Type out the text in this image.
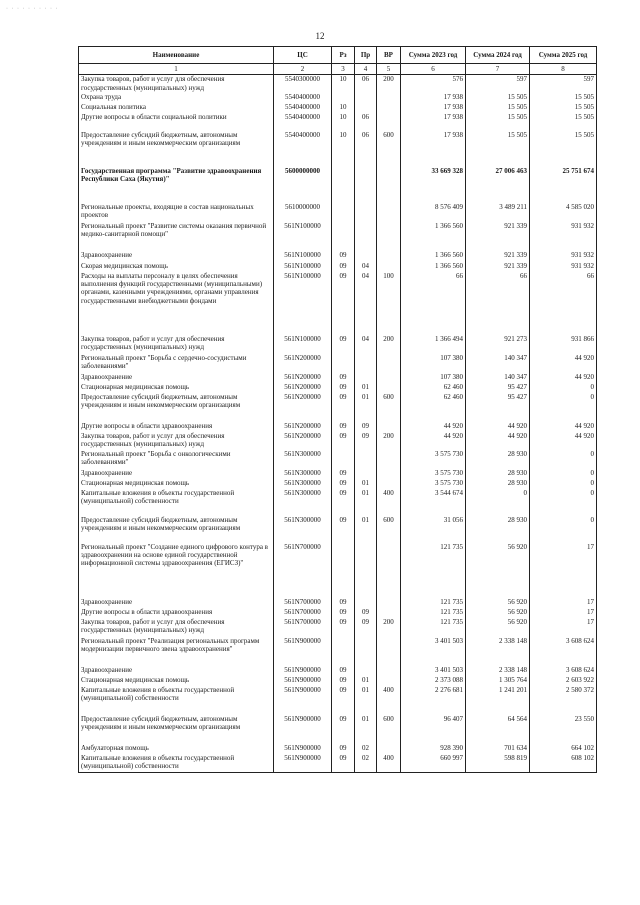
· · · · · · · · · ·
12
Наименование	ЦС	Рз	Пр	ВР	Сумма 2023 год	Сумма 2024 год	Сумма 2025 год
1	2	3	4	5	6	7	8
Закупка товаров, работ и услуг для обеспечения государственных (муниципальных) нужд	5540300000	10	06	200	576	597	597
Охрана труда	5540400000				17 938	15 505	15 505
Социальная политика	5540400000	10			17 938	15 505	15 505
Другие вопросы в области социальной политики	5540400000	10	06		17 938	15 505	15 505
Предоставление субсидий бюджетным, автономным учреждениям и иным некоммерческим организациям	5540400000	10	06	600	17 938	15 505	15 505
Государственная программа "Развитие здравоохранения Республики Саха (Якутия)"	5600000000				33 669 328	27 006 463	25 751 674
Региональные проекты, входящие в состав национальных проектов	5610000000				8 576 409	3 489 211	4 585 020
Региональный проект "Развитие системы оказания первичной медико-санитарной помощи"	561N100000				1 366 560	921 339	931 932
Здравоохранение	561N100000	09			1 366 560	921 339	931 932
Скорая медицинская помощь	561N100000	09	04		1 366 560	921 339	931 932
Расходы на выплаты персоналу в целях обеспечения выполнения функций государственными (муниципальными) органами, казенными учреждениями, органами управления государственными внебюджетными фондами	561N100000	09	04	100	66	66	66
Закупка товаров, работ и услуг для обеспечения государственных (муниципальных) нужд	561N100000	09	04	200	1 366 494	921 273	931 866
Региональный проект "Борьба с сердечно-сосудистыми заболеваниями"	561N200000				107 380	140 347	44 920
Здравоохранение	561N200000	09			107 380	140 347	44 920
Стационарная медицинская помощь	561N200000	09	01		62 460	95 427	0
Предоставление субсидий бюджетным, автономным учреждениям и иным некоммерческим организациям	561N200000	09	01	600	62 460	95 427	0
Другие вопросы в области здравоохранения	561N200000	09	09		44 920	44 920	44 920
Закупка товаров, работ и услуг для обеспечения государственных (муниципальных) нужд	561N200000	09	09	200	44 920	44 920	44 920
Региональный проект "Борьба с онкологическими заболеваниями"	561N300000				3 575 730	28 930	0
Здравоохранение	561N300000	09			3 575 730	28 930	0
Стационарная медицинская помощь	561N300000	09	01		3 575 730	28 930	0
Капитальные вложения в объекты государственной (муниципальной) собственности	561N300000	09	01	400	3 544 674	0	0
Предоставление субсидий бюджетным, автономным учреждениям и иным некоммерческим организациям	561N300000	09	01	600	31 056	28 930	0
Региональный проект "Создание единого цифрового контура в здравоохранении на основе единой государственной информационной системы здравоохранения (ЕГИСЗ)"	561N700000				121 735	56 920	17
Здравоохранение	561N700000	09			121 735	56 920	17
Другие вопросы в области здравоохранения	561N700000	09	09		121 735	56 920	17
Закупка товаров, работ и услуг для обеспечения государственных (муниципальных) нужд	561N700000	09	09	200	121 735	56 920	17
Региональный проект "Реализация региональных программ модернизации первичного звена здравоохранения"	561N900000				3 401 503	2 338 148	3 608 624
Здравоохранение	561N900000	09			3 401 503	2 338 148	3 608 624
Стационарная медицинская помощь	561N900000	09	01		2 373 088	1 305 764	2 603 922
Капитальные вложения в объекты государственной (муниципальной) собственности	561N900000	09	01	400	2 276 681	1 241 201	2 580 372
Предоставление субсидий бюджетным, автономным учреждениям и иным некоммерческим организациям	561N900000	09	01	600	96 407	64 564	23 550
Амбулаторная помощь	561N900000	09	02		928 390	701 634	664 102
Капитальные вложения в объекты государственной (муниципальной) собственности	561N900000	09	02	400	660 997	598 819	608 102
